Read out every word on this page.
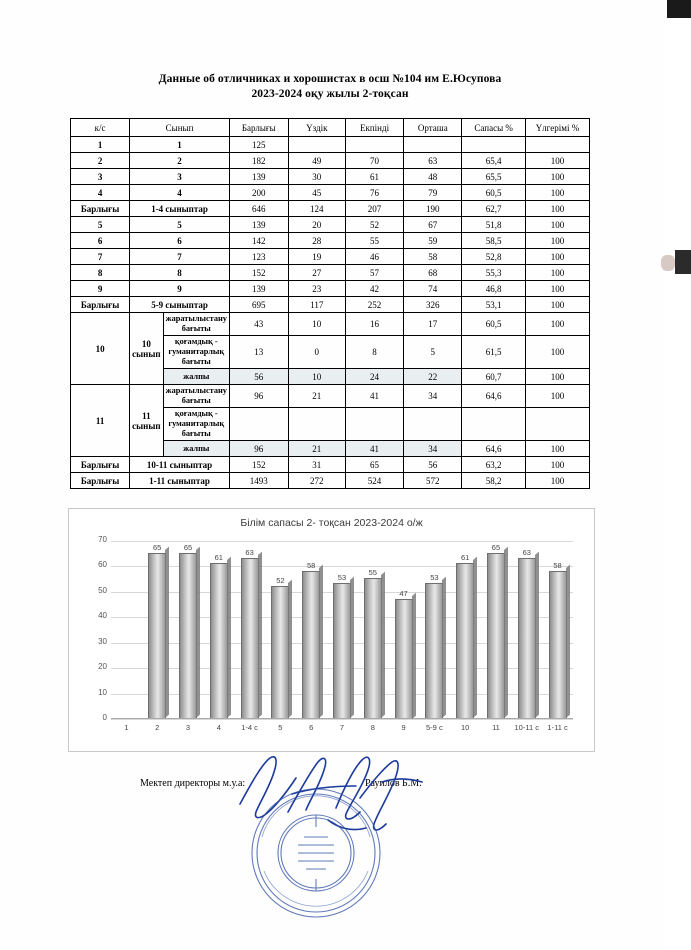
Данные об отличниках и хорошистах в осш №104 им Е.Юсупова
2023-2024 оқу жылы 2-тоқсан
к/с	Сынып		Барлығы	Үздік	Екпінді	Орташа	Сапасы %	Үлгерімі %
1	1		125					
2	2		182	49	70	63	65,4	100
3	3		139	30	61	48	65,5	100
4	4		200	45	76	79	60,5	100
Барлығы	1-4 сыныптар		646	124	207	190	62,7	100
5	5		139	20	52	67	51,8	100
6	6		142	28	55	59	58,5	100
7	7		123	19	46	58	52,8	100
8	8		152	27	57	68	55,3	100
9	9		139	23	42	74	46,8	100
Барлығы	5-9 сыныптар		695	117	252	326	53,1	100
10	10 сынып	жаратылыстану бағыты	43	10	16	17	60,5	100
		қоғамдық - гуманитарлық бағыты	13	0	8	5	61,5	100
		жалпы	56	10	24	22	60,7	100
11	11 сынып	жаратылыстану бағыты	96	21	41	34	64,6	100
		қоғамдық - гуманитарлық бағыты						
		жалпы	96	21	41	34	64,6	100
Барлығы	10-11 сыныптар		152	31	65	56	63,2	100
Барлығы	1-11 сыныптар		1493	272	524	572	58,2	100
Білім сапасы 2- тоқсан 2023-2024 о/ж
0
10
20
30
40
50
60
70
65	65
61
63
52
58
53
55
47
53
61
65
63
58
1	2	3	4	1-4 с	5	6	7	8	9	5-9 с	10	11	10-11 с	1-11 с
Мектеп директоры м.у.а:	Рауилов Б.М.
